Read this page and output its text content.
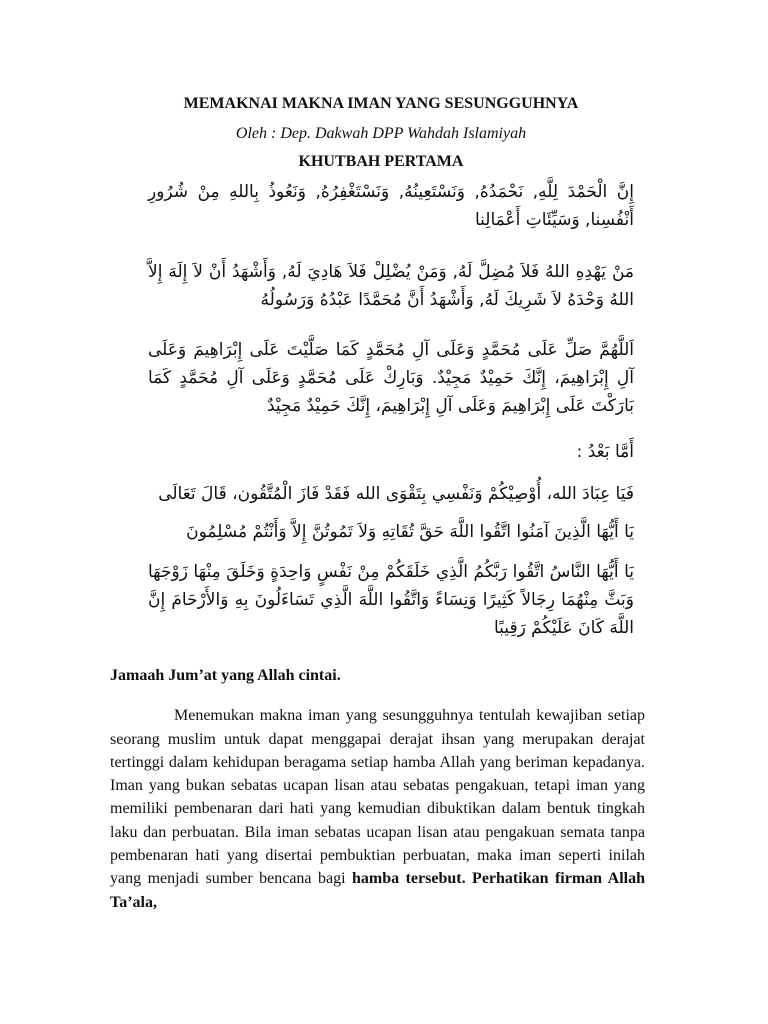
MEMAKNAI MAKNA IMAN YANG SESUNGGUHNYA
Oleh : Dep. Dakwah DPP Wahdah Islamiyah
KHUTBAH PERTAMA

إِنَّ الْحَمْدَ لِلَّهِ, نَحْمَدُهُ, وَنَسْتَعِينُهُ, وَنَسْتَغْفِرُهُ, وَنَعُوذُ بِاللهِ مِنْ شُرُورِ أَنْفُسِنا, وَسَيِّئَاتِ أَعْمَالِنا

مَنْ يَهْدِهِ اللهُ فَلاَ مُضِلَّ لَهُ, وَمَنْ يُضْلِلْ فَلاَ هَادِيَ لَهُ, وَأَشْهَدُ أَنْ لاَ إِلَهَ إِلاَّ اللهُ وَحْدَهُ لاَ شَرِيكَ لَهُ, وَأَشْهَدُ أَنَّ مُحَمَّدًا عَبْدُهُ وَرَسُولُهُ

اَللَّهُمَّ صَلِّ عَلَى مُحَمَّدٍ وَعَلَى آلِ مُحَمَّدٍ كَمَا صَلَّيْتَ عَلَى إِبْرَاهِيمَ وَعَلَى آلِ إِبْرَاهِيمَ، إِنَّكَ حَمِيْدٌ مَجِيْدٌ. وَبَارِكْ عَلَى مُحَمَّدٍ وَعَلَى آلِ مُحَمَّدٍ كَمَا بَارَكْتَ عَلَى إِبْرَاهِيمَ وَعَلَى آلِ إِبْرَاهِيمَ، إِنَّكَ حَمِيْدٌ مَجِيْدٌ

أَمَّا بَعْدُ :

فَيَا عِبَادَ الله، أُوْصِيْكُمْ وَنَفْسِي بِتَقْوَى الله فَقَدْ فَازَ الْمُتَّقُون، قَالَ تَعَالَى

يَا أَيُّهَا الَّذِينَ آمَنُوا اتَّقُوا اللَّهَ حَقَّ تُقَاتِهِ وَلاَ تَمُوتُنَّ إِلاَّ وَأَنْتُمْ مُسْلِمُونَ

يَا أَيُّهَا النَّاسُ اتَّقُوا رَبَّكُمُ الَّذِي خَلَقَكُمْ مِنْ نَفْسٍ وَاحِدَةٍ وَخَلَقَ مِنْهَا زَوْجَهَا وَبَثَّ مِنْهُمَا رِجَالاً كَثِيرًا وَنِسَاءً وَاتَّقُوا اللَّهَ الَّذِي تَسَاءَلُونَ بِهِ وَالأَرْحَامَ إِنَّ اللَّهَ كَانَ عَلَيْكُمْ رَقِيبًا

Jamaah Jum’at yang Allah cintai.

Menemukan makna iman yang sesungguhnya tentulah kewajiban setiap seorang muslim untuk dapat menggapai derajat ihsan yang merupakan derajat tertinggi dalam kehidupan beragama setiap hamba Allah yang beriman kepadanya. Iman yang bukan sebatas ucapan lisan atau sebatas pengakuan, tetapi iman yang memiliki pembenaran dari hati yang kemudian dibuktikan dalam bentuk tingkah laku dan perbuatan. Bila iman sebatas ucapan lisan atau pengakuan semata tanpa pembenaran hati yang disertai pembuktian perbuatan, maka iman seperti inilah yang menjadi sumber bencana bagi hamba tersebut. Perhatikan firman Allah Ta’ala,
